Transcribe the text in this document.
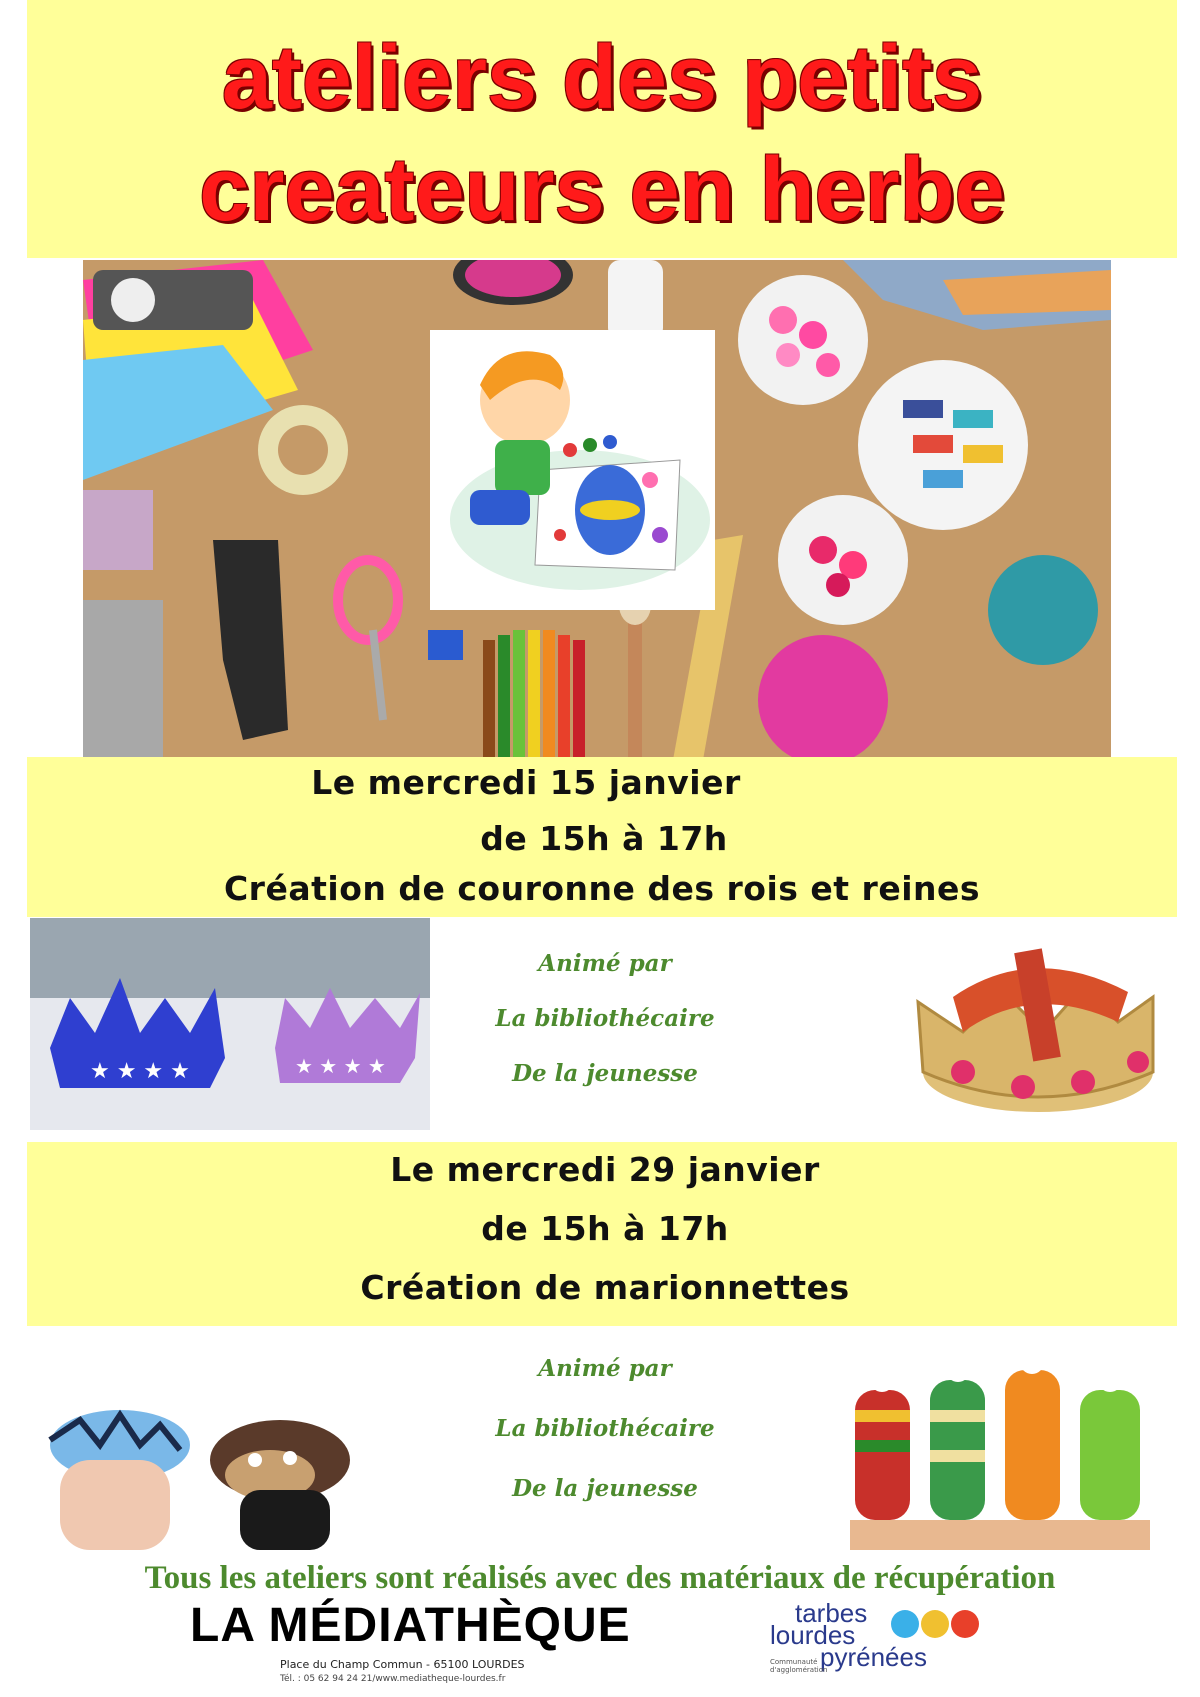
ateliers des petits
createurs en herbe
Le mercredi 15 janvier
de 15h à 17h
Création de couronne des rois et reines
★ ★ ★ ★	★ ★ ★ ★
Animé par
La bibliothécaire
De la jeunesse
Le mercredi 29 janvier
de 15h à 17h
Création de marionnettes
Animé par
La bibliothécaire
De la jeunesse
Tous les ateliers sont réalisés avec des matériaux de récupération
LA MÉDIATHÈQUE
Place du Champ Commun - 65100 LOURDES
Tél. : 05 62 94 24 21/www.mediatheque-lourdes.fr
tarbes
lourdes
pyrénées
Communauté d'agglomération
